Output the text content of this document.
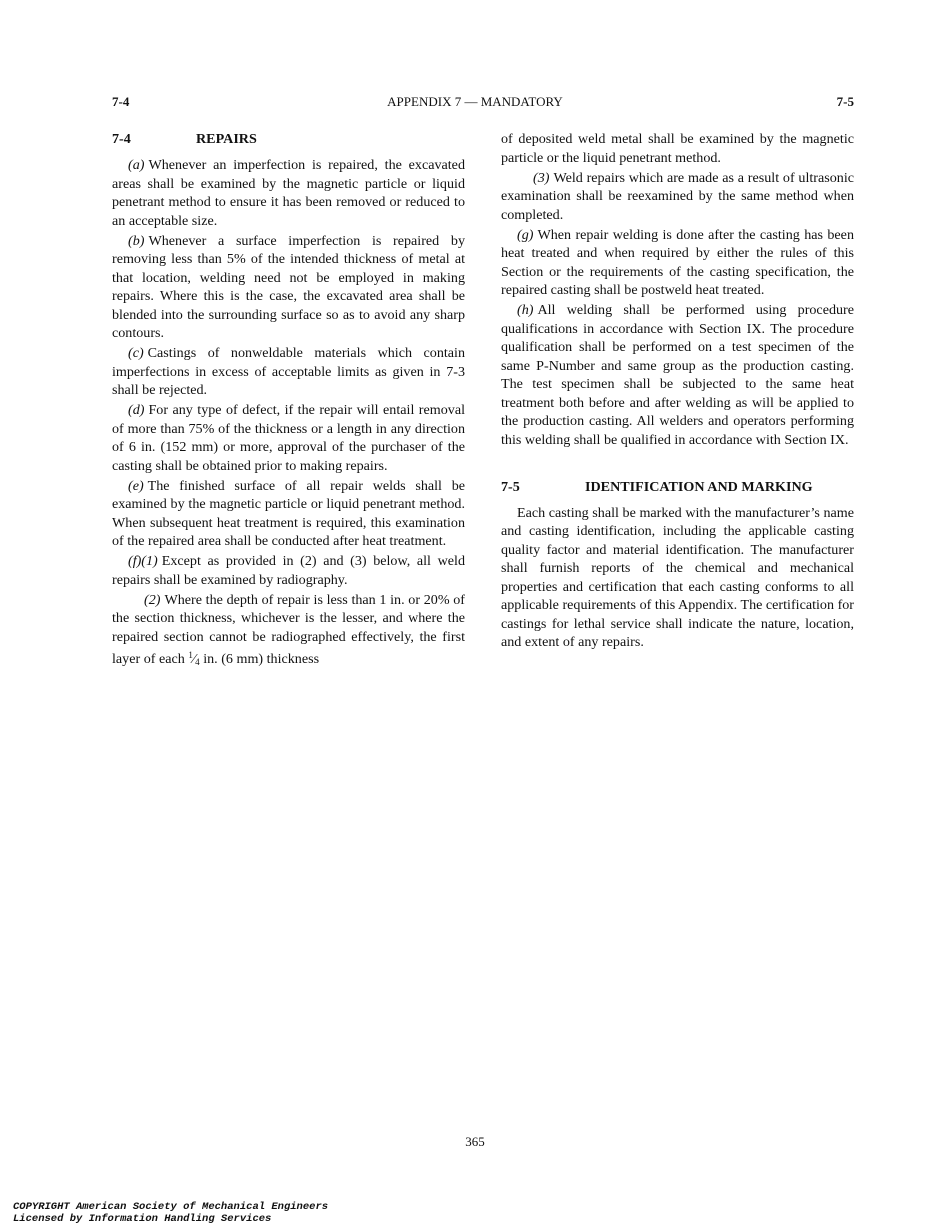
7-4	APPENDIX 7 — MANDATORY	7-5
7-4	REPAIRS

(a) Whenever an imperfection is repaired, the excavated areas shall be examined by the magnetic particle or liquid penetrant method to ensure it has been removed or reduced to an acceptable size.

(b) Whenever a surface imperfection is repaired by removing less than 5% of the intended thickness of metal at that location, welding need not be employed in making repairs. Where this is the case, the excavated area shall be blended into the surrounding surface so as to avoid any sharp contours.

(c) Castings of nonweldable materials which contain imperfections in excess of acceptable limits as given in 7-3 shall be rejected.

(d) For any type of defect, if the repair will entail removal of more than 75% of the thickness or a length in any direction of 6 in. (152 mm) or more, approval of the purchaser of the casting shall be obtained prior to making repairs.

(e) The finished surface of all repair welds shall be examined by the magnetic particle or liquid penetrant method. When subsequent heat treatment is required, this examination of the repaired area shall be conducted after heat treatment.

(f)(1) Except as provided in (2) and (3) below, all weld repairs shall be examined by radiography.

(2) Where the depth of repair is less than 1 in. or 20% of the section thickness, whichever is the lesser, and where the repaired section cannot be radiographed effectively, the first layer of each $^1⁄_4$ in. (6 mm) thickness

of deposited weld metal shall be examined by the magnetic particle or the liquid penetrant method.

(3) Weld repairs which are made as a result of ultrasonic examination shall be reexamined by the same method when completed.

(g) When repair welding is done after the casting has been heat treated and when required by either the rules of this Section or the requirements of the casting specification, the repaired casting shall be postweld heat treated.

(h) All welding shall be performed using procedure qualifications in accordance with Section IX. The procedure qualification shall be performed on a test specimen of the same P-Number and same group as the production casting. The test specimen shall be subjected to the same heat treatment both before and after welding as will be applied to the production casting. All welders and operators performing this welding shall be qualified in accordance with Section IX.

7-5	IDENTIFICATION AND MARKING

Each casting shall be marked with the manufacturer’s name and casting identification, including the applicable casting quality factor and material identification. The manufacturer shall furnish reports of the chemical and mechanical properties and certification that each casting conforms to all applicable requirements of this Appendix. The certification for castings for lethal service shall indicate the nature, location, and extent of any repairs.

365
COPYRIGHT American Society of Mechanical Engineers
Licensed by Information Handling Services
